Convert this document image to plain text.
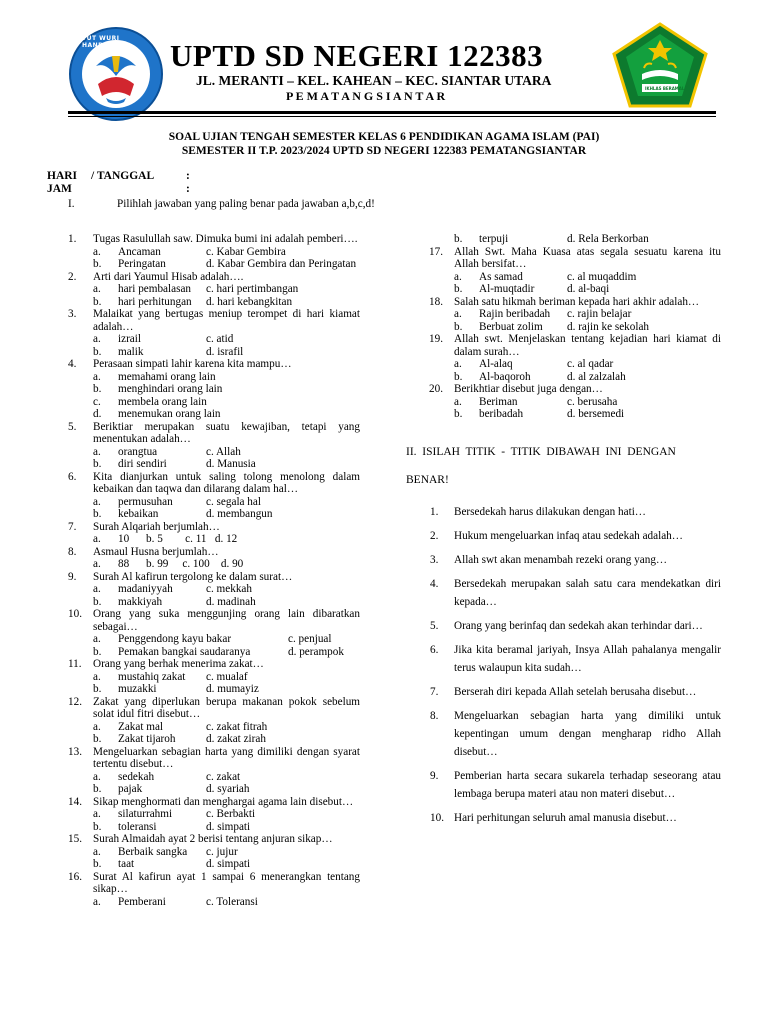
TUT WURI HANDAYANI
IKHLAS BERAMAL
UPTD SD NEGERI 122383
JL. MERANTI – KEL. KAHEAN – KEC. SIANTAR UTARA
P E M A T A N G S I A N T A R
SOAL UJIAN TENGAH SEMESTER KELAS 6 PENDIDIKAN AGAMA ISLAM (PAI)
SEMESTER II T.P. 2023/2024 UPTD SD NEGERI 122383 PEMATANGSIANTAR
HARI / TANGGAL	:
JAM	:
I.	Pilihlah jawaban yang paling benar pada jawaban a,b,c,d!
1. Tugas Rasulullah saw. Dimuka bumi ini adalah pemberi….
a. Ancaman	c. Kabar Gembira
b. Peringatan	d. Kabar Gembira dan Peringatan
2. Arti dari Yaumul Hisab adalah….
a. hari pembalasan c. hari pertimbangan
b. hari perhitungan d. hari kebangkitan
3. Malaikat yang bertugas meniup terompet di hari kiamat adalah…
a. izrail	c. atid
b. malik	d. israfil
4. Perasaan simpati lahir karena kita mampu…
a. memahami orang lain
b. menghindari orang lain
c. membela orang lain
d. menemukan orang lain
5. Beriktiar merupakan suatu kewajiban, tetapi yang menentukan adalah…
a. orangtua	c. Allah
b. diri sendiri	d. Manusia
6. Kita dianjurkan untuk saling tolong menolong dalam kebaikan dan taqwa dan dilarang dalam hal…
a. permusuhan	c. segala hal
b. kebaikan	d. membangun
7. Surah Alqariah berjumlah…
a. 10 b. 5        c. 11   d. 12
8. Asmaul Husna berjumlah…
a. 88 b. 99     c. 100    d. 90
9. Surah Al kafirun tergolong ke dalam surat…
a. madaniyyah	c. mekkah
b. makkiyah	d. madinah
10. Orang yang suka menggunjing orang lain dibaratkan sebagai…
a. Penggendong kayu bakar	c. penjual
b. Pemakan bangkai saudaranya	d. perampok
11. Orang yang berhak menerima zakat…
a. mustahiq zakat c. mualaf
b. muzakki	d. mumayiz
12. Zakat yang diperlukan berupa makanan pokok sebelum solat idul fitri disebut…
a. Zakat mal	c. zakat fitrah
b. Zakat tijaroh	d. zakat zirah
13. Mengeluarkan sebagian harta yang dimiliki dengan syarat tertentu disebut…
a. sedekah	c. zakat
b. pajak	d. syariah
14. Sikap menghormati dan menghargai agama lain disebut…
a. silaturrahmi	c. Berbakti
b. toleransi	d. simpati
15. Surah Almaidah ayat 2 berisi tentang anjuran sikap…
a. Berbaik sangka c. jujur
b. taat	d. simpati
16. Surat Al kafirun ayat 1 sampai 6 menerangkan tentang sikap…
a. Pemberani	c. Toleransi
b. terpuji	d. Rela Berkorban
17. Allah Swt. Maha Kuasa atas segala sesuatu karena itu Allah bersifat…
a. As samad	c. al muqaddim
b. Al-muqtadir	d. al-baqi
18. Salah satu hikmah beriman kepada hari akhir adalah…
a. Rajin beribadah c. rajin belajar
b. Berbuat zolim d. rajin ke sekolah
19. Allah swt. Menjelaskan tentang kejadian hari kiamat di dalam surah…
a. Al-alaq	c. al qadar
b. Al-baqoroh	d. al zalzalah
20. Berikhtiar disebut juga dengan…
a. Beriman	c. berusaha
b. beribadah	d. bersemedi
II.  ISILAH  TITIK  -  TITIK  DIBAWAH  INI  DENGAN
BENAR!
1. Bersedekah harus dilakukan dengan hati…
2. Hukum mengeluarkan infaq atau sedekah adalah…
3. Allah swt akan menambah rezeki orang yang…
4. Bersedekah merupakan salah satu cara mendekatkan diri kepada…
5. Orang yang berinfaq dan sedekah akan terhindar dari…
6. Jika kita beramal jariyah, Insya Allah pahalanya mengalir terus walaupun kita sudah…
7. Berserah diri kepada Allah setelah berusaha disebut…
8. Mengeluarkan sebagian harta yang dimiliki untuk kepentingan umum dengan mengharap ridho Allah disebut…
9. Pemberian harta secara sukarela terhadap seseorang atau lembaga berupa materi atau non materi disebut…
10. Hari perhitungan seluruh amal manusia disebut…
